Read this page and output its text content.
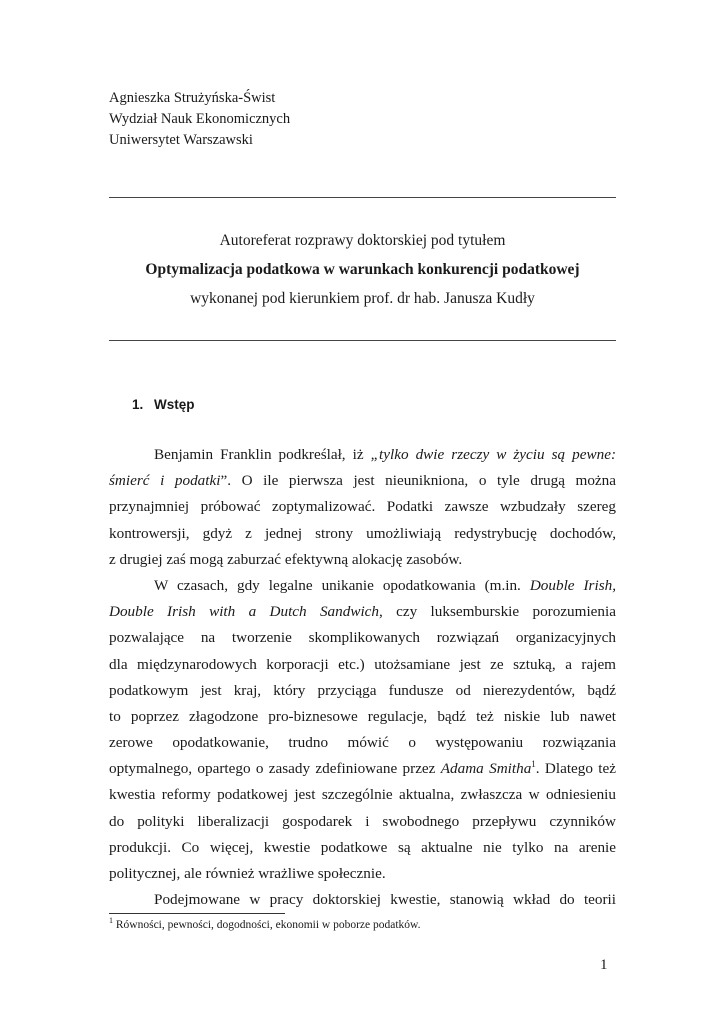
Agnieszka Strużyńska-Świst
Wydział Nauk Ekonomicznych
Uniwersytet Warszawski
Autoreferat rozprawy doktorskiej pod tytułem
Optymalizacja podatkowa w warunkach konkurencji podatkowej
wykonanej pod kierunkiem prof. dr hab. Janusza Kudły
1. Wstęp
Benjamin Franklin podkreślał, iż „tylko dwie rzeczy w życiu są pewne:
śmierć i podatki”. O ile pierwsza jest nieunikniona, o tyle drugą można
przynajmniej próbować zoptymalizować. Podatki zawsze wzbudzały szereg
kontrowersji, gdyż z jednej strony umożliwiają redystrybucję dochodów,
z drugiej zaś mogą zaburzać efektywną alokację zasobów.
W czasach, gdy legalne unikanie opodatkowania (m.in. Double Irish,
Double Irish with a Dutch Sandwich, czy luksemburskie porozumienia
pozwalające na tworzenie skomplikowanych rozwiązań organizacyjnych
dla międzynarodowych korporacji etc.) utożsamiane jest ze sztuką, a rajem
podatkowym jest kraj, który przyciąga fundusze od nierezydentów, bądź
to poprzez złagodzone pro-biznesowe regulacje, bądź też niskie lub nawet
zerowe opodatkowanie, trudno mówić o występowaniu rozwiązania
optymalnego, opartego o zasady zdefiniowane przez Adama Smitha$^1$. Dlatego też
kwestia reformy podatkowej jest szczególnie aktualna, zwłaszcza w odniesieniu
do polityki liberalizacji gospodarek i swobodnego przepływu czynników
produkcji. Co więcej, kwestie podatkowe są aktualne nie tylko na arenie
politycznej, ale również wrażliwe społecznie.
Podejmowane w pracy doktorskiej kwestie, stanowią wkład do teorii
$^1$ Równości, pewności, dogodności, ekonomii w poborze podatków.
1
